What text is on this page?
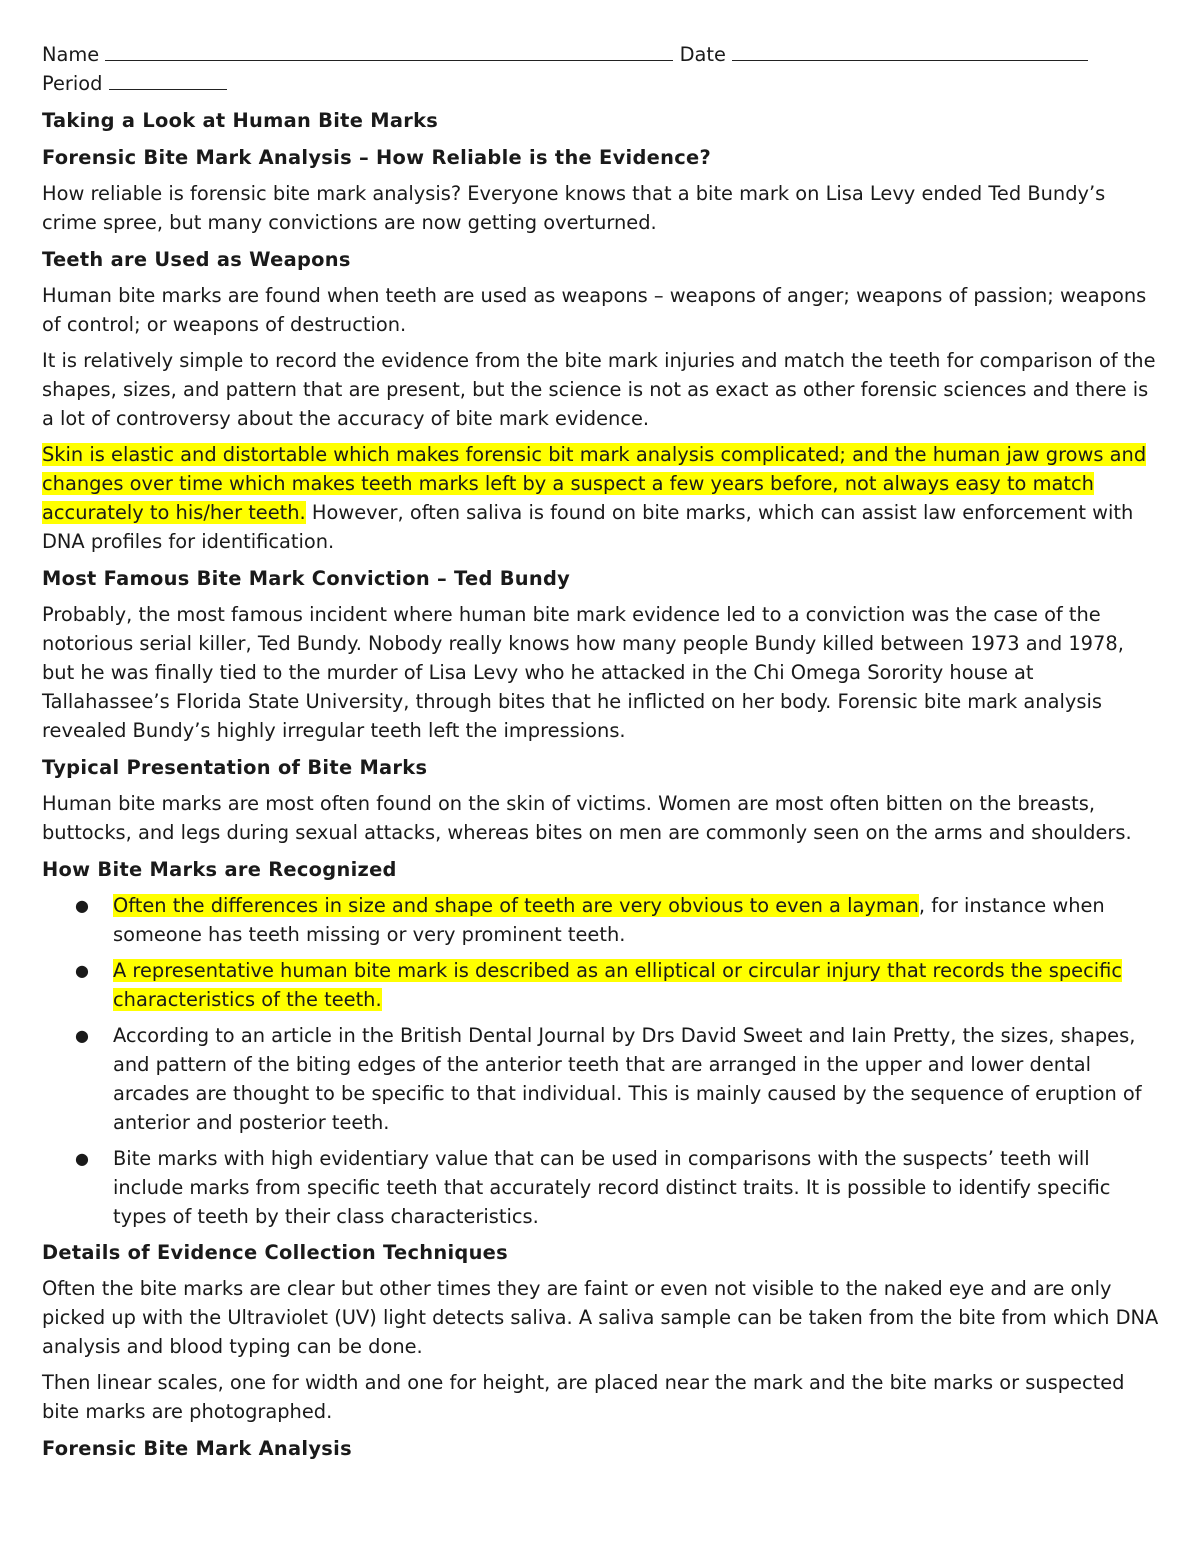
Name	Date
Period
Taking a Look at Human Bite Marks
Forensic Bite Mark Analysis – How Reliable is the Evidence?

How reliable is forensic bite mark analysis? Everyone knows that a bite mark on Lisa Levy ended Ted Bundy’s crime spree, but many convictions are now getting overturned.

Teeth are Used as Weapons

Human bite marks are found when teeth are used as weapons – weapons of anger; weapons of passion; weapons of control; or weapons of destruction.

It is relatively simple to record the evidence from the bite mark injuries and match the teeth for comparison of the shapes, sizes, and pattern that are present, but the science is not as exact as other forensic sciences and there is a lot of controversy about the accuracy of bite mark evidence.

Skin is elastic and distortable which makes forensic bit mark analysis complicated; and the human jaw grows and changes over time which makes teeth marks left by a suspect a few years before, not always easy to match accurately to his/her teeth. However, often saliva is found on bite marks, which can assist law enforcement with DNA profiles for identification.

Most Famous Bite Mark Conviction – Ted Bundy

Probably, the most famous incident where human bite mark evidence led to a conviction was the case of the notorious serial killer, Ted Bundy. Nobody really knows how many people Bundy killed between 1973 and 1978, but he was finally tied to the murder of Lisa Levy who he attacked in the Chi Omega Sorority house at Tallahassee’s Florida State University, through bites that he inflicted on her body. Forensic bite mark analysis revealed Bundy’s highly irregular teeth left the impressions.

Typical Presentation of Bite Marks

Human bite marks are most often found on the skin of victims. Women are most often bitten on the breasts, buttocks, and legs during sexual attacks, whereas bites on men are commonly seen on the arms and shoulders.

How Bite Marks are Recognized
● Often the differences in size and shape of teeth are very obvious to even a layman, for instance when someone has teeth missing or very prominent teeth.
● A representative human bite mark is described as an elliptical or circular injury that records the specific characteristics of the teeth.
● According to an article in the British Dental Journal by Drs David Sweet and Iain Pretty, the sizes, shapes, and pattern of the biting edges of the anterior teeth that are arranged in the upper and lower dental arcades are thought to be specific to that individual. This is mainly caused by the sequence of eruption of anterior and posterior teeth.
● Bite marks with high evidentiary value that can be used in comparisons with the suspects’ teeth will include marks from specific teeth that accurately record distinct traits. It is possible to identify specific types of teeth by their class characteristics.
Details of Evidence Collection Techniques

Often the bite marks are clear but other times they are faint or even not visible to the naked eye and are only picked up with the Ultraviolet (UV) light detects saliva. A saliva sample can be taken from the bite from which DNA analysis and blood typing can be done.

Then linear scales, one for width and one for height, are placed near the mark and the bite marks or suspected bite marks are photographed.

Forensic Bite Mark Analysis
